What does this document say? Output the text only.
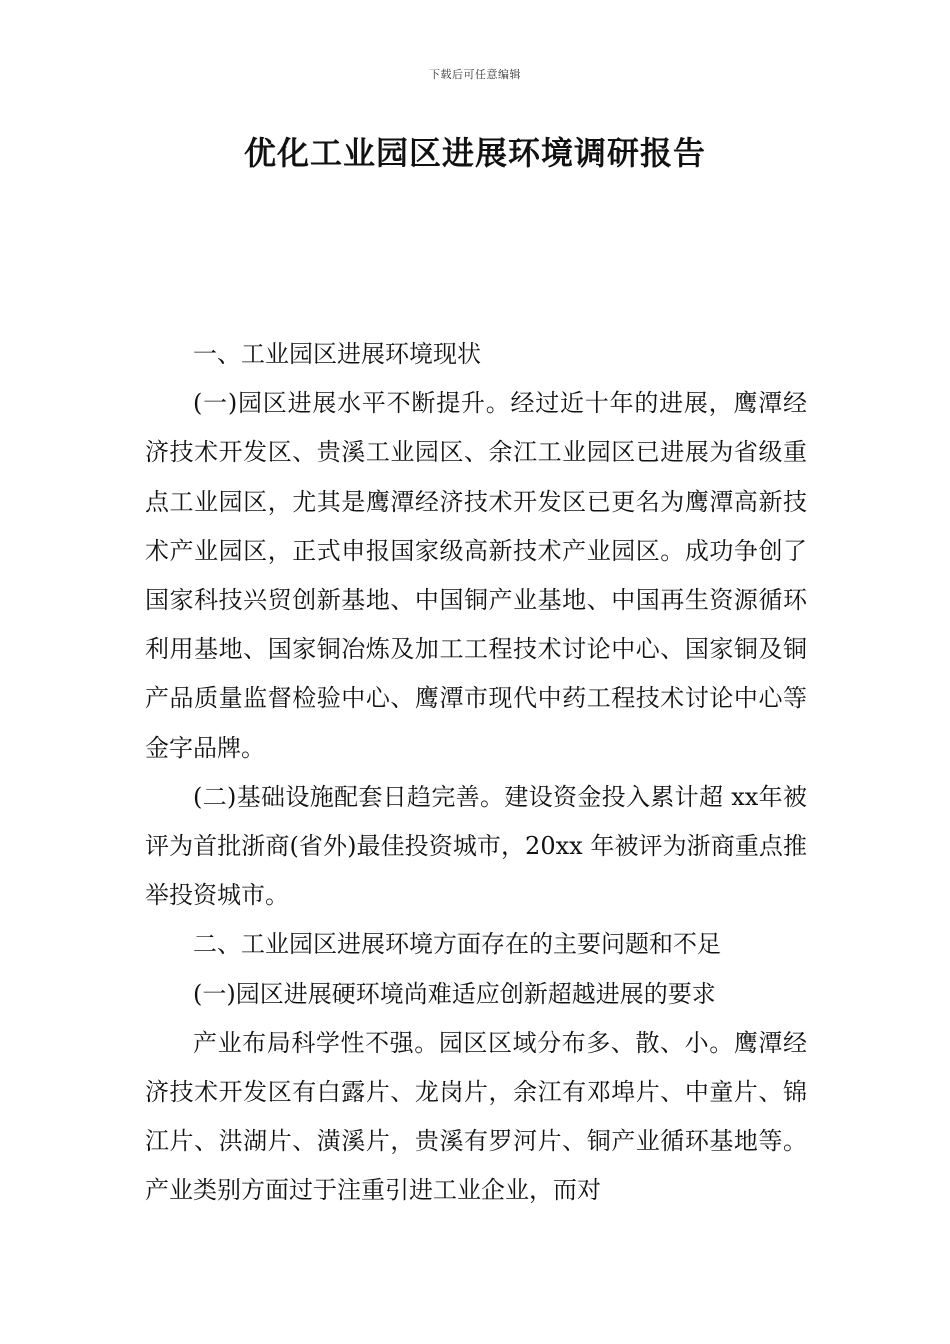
下载后可任意编辑
优化工业园区进展环境调研报告

一、工业园区进展环境现状

(一)园区进展水平不断提升。经过近十年的进展，鹰潭经济技术开发区、贵溪工业园区、余江工业园区已进展为省级重点工业园区，尤其是鹰潭经济技术开发区已更名为鹰潭高新技术产业园区，正式申报国家级高新技术产业园区。成功争创了国家科技兴贸创新基地、中国铜产业基地、中国再生资源循环利用基地、国家铜冶炼及加工工程技术讨论中心、国家铜及铜产品质量监督检验中心、鹰潭市现代中药工程技术讨论中心等金字品牌。

(二)基础设施配套日趋完善。建设资金投入累计超 xx年被评为首批浙商(省外)最佳投资城市，20xx 年被评为浙商重点推举投资城市。

二、工业园区进展环境方面存在的主要问题和不足

(一)园区进展硬环境尚难适应创新超越进展的要求

产业布局科学性不强。园区区域分布多、散、小。鹰潭经济技术开发区有白露片、龙岗片，余江有邓埠片、中童片、锦江片、洪湖片、潢溪片，贵溪有罗河片、铜产业循环基地等。产业类别方面过于注重引进工业企业，而对
